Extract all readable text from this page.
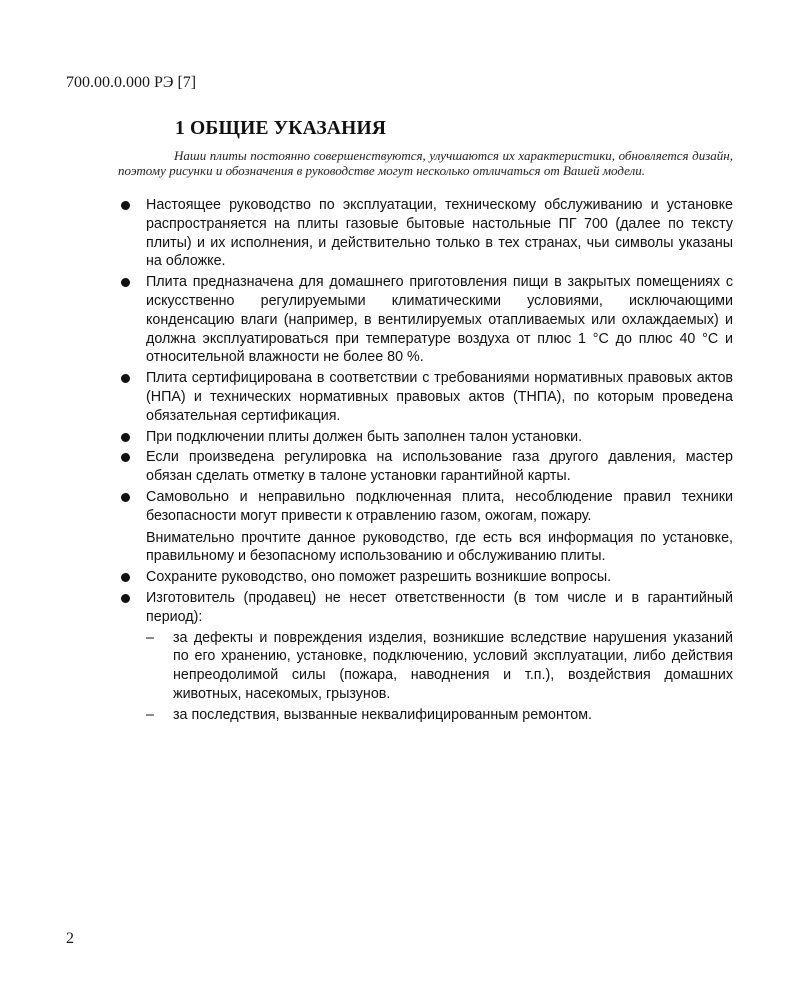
700.00.0.000 РЭ [7]
1 ОБЩИЕ УКАЗАНИЯ

Наши плиты постоянно совершенствуются, улучшаются их характеристики, обновляется дизайн, поэтому рисунки и обозначения в руководстве могут несколько отличаться от Вашей модели.

Настоящее руководство по эксплуатации, техническому обслуживанию и установке распространяется на плиты газовые бытовые настольные ПГ 700 (далее по тексту плиты) и их исполнения, и действительно только в тех странах, чьи символы указаны на обложке.
Плита предназначена для домашнего приготовления пищи в закрытых помещениях с искусственно регулируемыми климатическими условиями, исключающими конденсацию влаги (например, в вентилируемых отапливаемых или охлаждаемых) и должна эксплуатироваться при температуре воздуха от плюс 1 °С до плюс 40 °С и относительной влажности не более 80 %.
Плита сертифицирована в соответствии с требованиями нормативных правовых актов (НПА) и технических нормативных правовых актов (ТНПА), по которым проведена обязательная сертификация.
При подключении плиты должен быть заполнен талон установки.
Если произведена регулировка на использование газа другого давления, мастер обязан сделать отметку в талоне установки гарантийной карты.
Самовольно и неправильно подключенная плита, несоблюдение правил техники безопасности могут привести к отравлению газом, ожогам, пожару.
Внимательно прочтите данное руководство, где есть вся информация по установке, правильному и безопасному использованию и обслуживанию плиты.
Сохраните руководство, оно поможет разрешить возникшие вопросы.
Изготовитель (продавец) не несет ответственности (в том числе и в гарантийный период):
– за дефекты и повреждения изделия, возникшие вследствие нарушения указаний по его хранению, установке, подключению, условий эксплуатации, либо действия непреодолимой силы (пожара, наводнения и т.п.), воздействия домашних животных, насекомых, грызунов.
– за последствия, вызванные неквалифицированным ремонтом.
2
